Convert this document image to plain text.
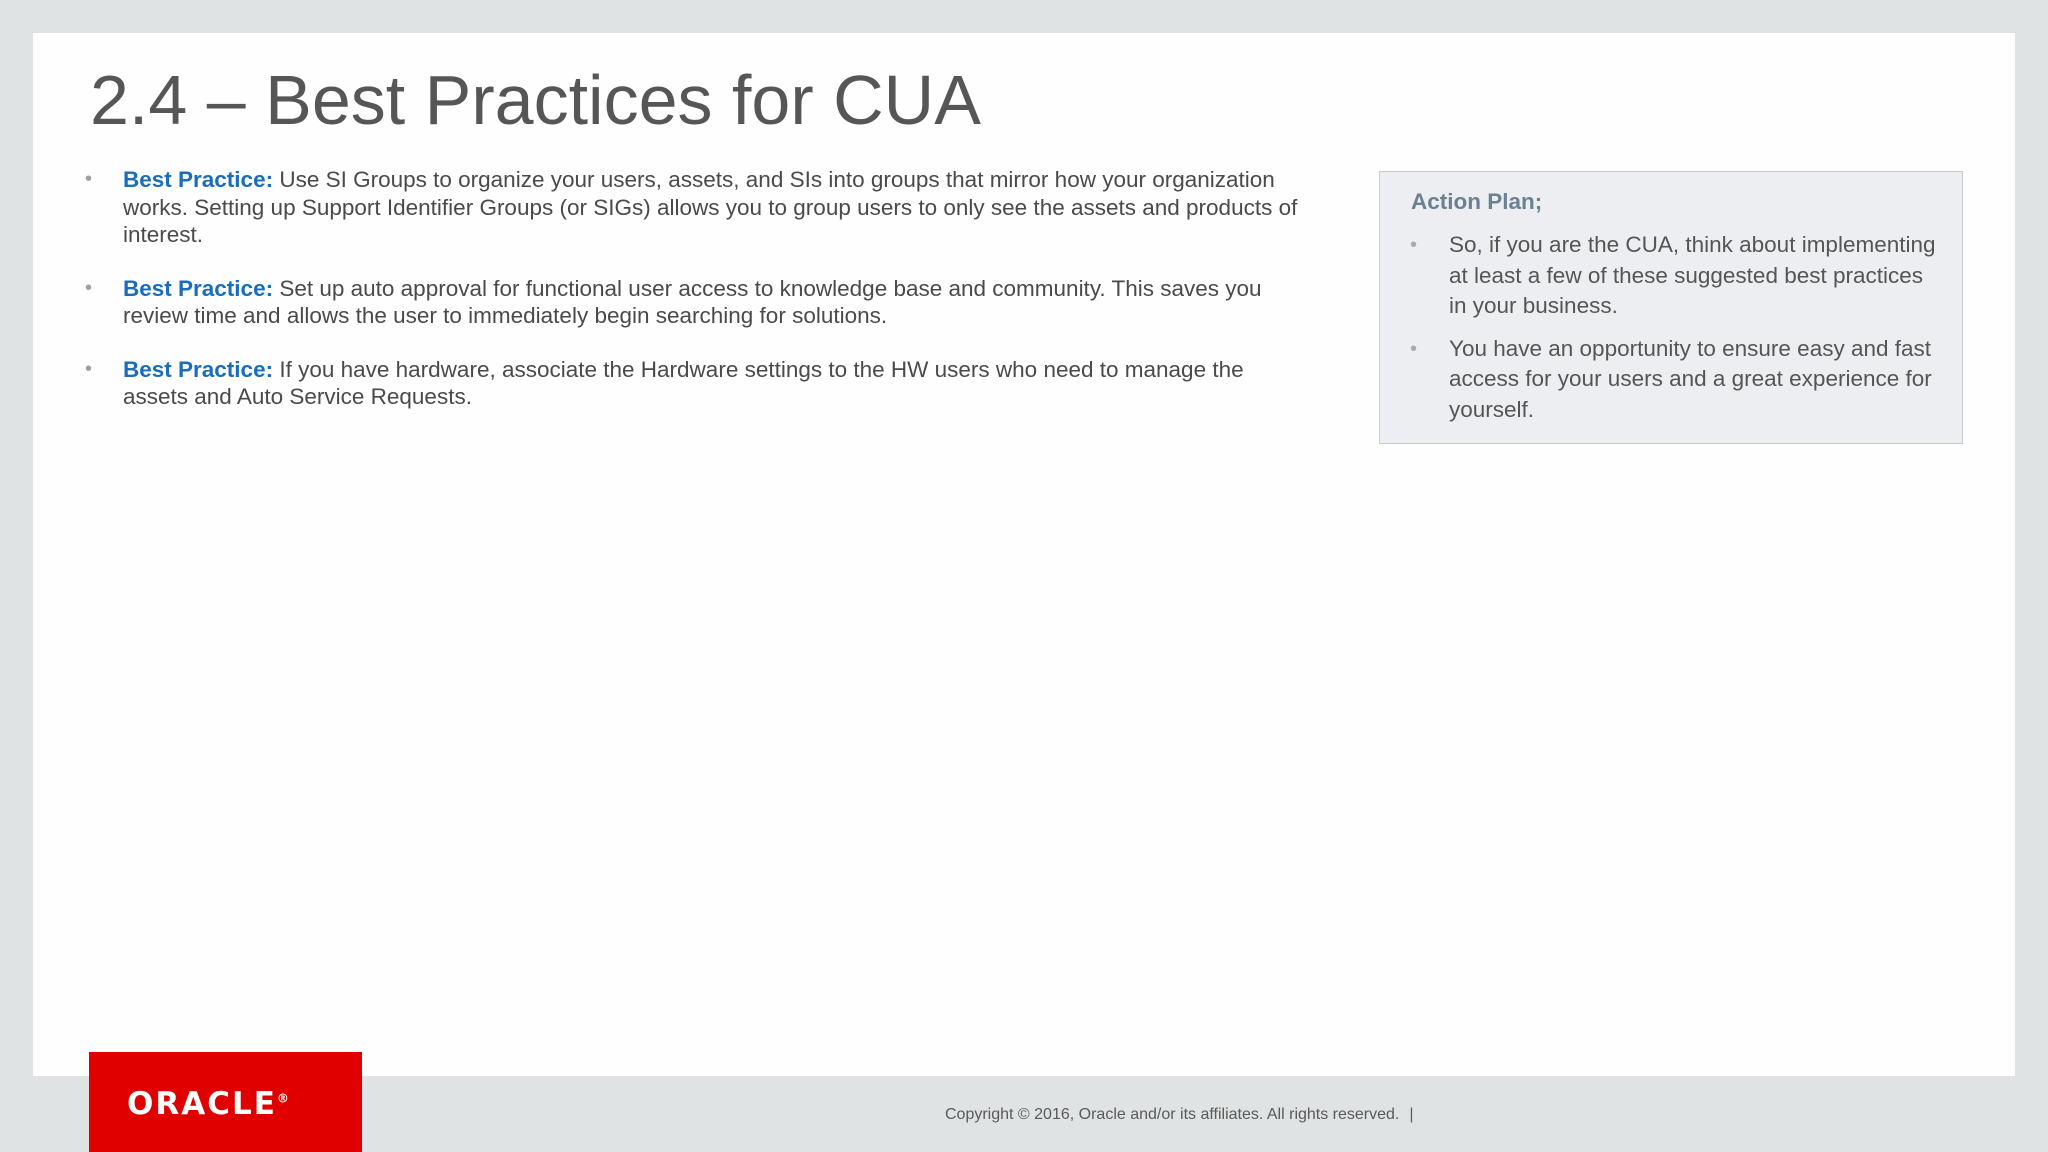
2.4 – Best Practices for CUA
•	Best Practice: Use SI Groups to organize your users, assets, and SIs into groups that mirror how your organization works. Setting up Support Identifier Groups (or SIGs) allows you to group users to only see the assets and products of interest.
•	Best Practice: Set up auto approval for functional user access to knowledge base and community. This saves you review time and allows the user to immediately begin searching for solutions.
•	Best Practice: If you have hardware, associate the Hardware settings to the HW users who need to manage the assets and Auto Service Requests.
Action Plan;
• So, if you are the CUA, think about implementing at least a few of these suggested best practices in your business.
• You have an opportunity to ensure easy and fast access for your users and a great experience for yourself.
ORACLE®
Copyright © 2016, Oracle and/or its affiliates. All rights reserved. |
